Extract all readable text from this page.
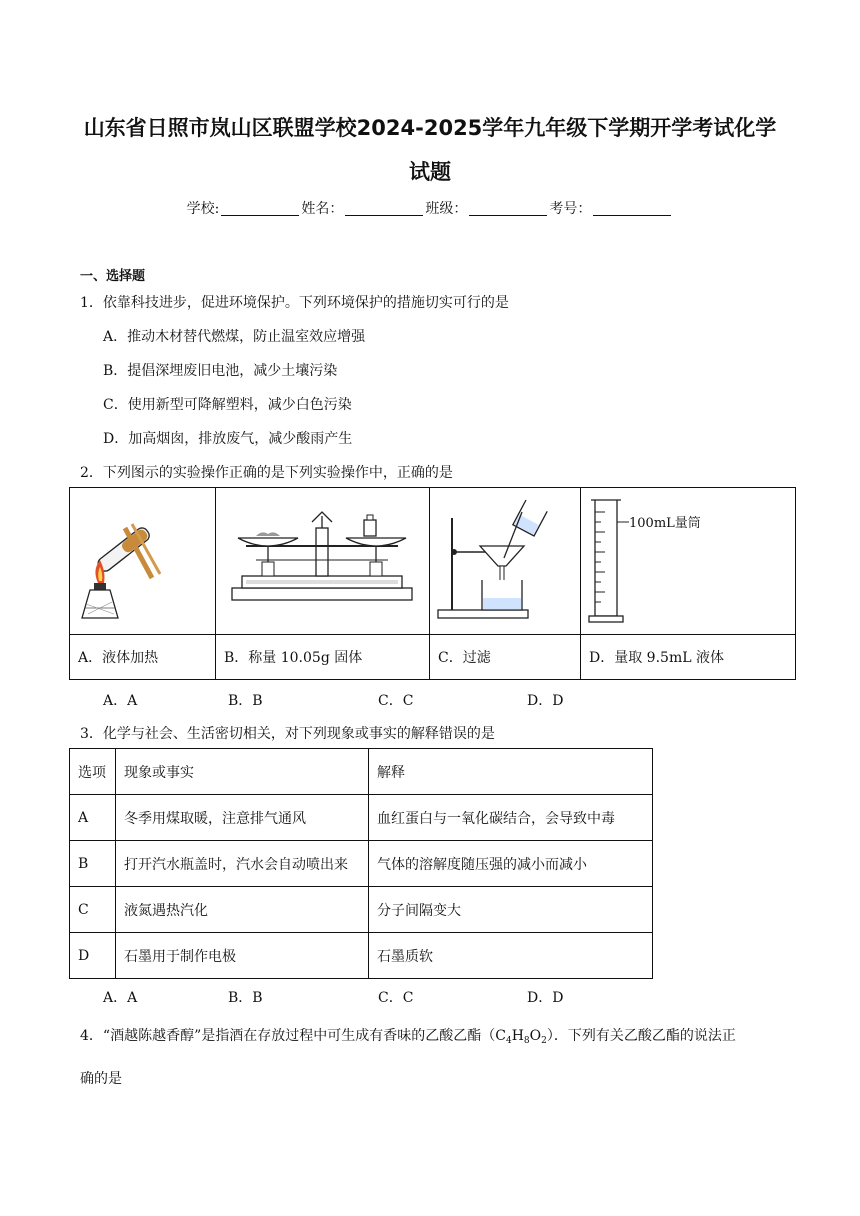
山东省日照市岚山区联盟学校2024-2025学年九年级下学期开学考试化学
试题
学校:	姓名：	班级：	考号：
一、选择题
1．依靠科技进步，促进环境保护。下列环境保护的措施切实可行的是
A．推动木材替代燃煤，防止温室效应增强
B．提倡深埋废旧电池，减少土壤污染
C．使用新型可降解塑料，减少白色污染
D．加高烟囱，排放废气，减少酸雨产生
2．下列图示的实验操作正确的是下列实验操作中，正确的是

100mL量筒

A．液体加热	B．称量 10.05g 固体	C．过滤	D．量取 9.5mL 液体
A．A	B．B	C．C	D．D
3．化学与社会、生活密切相关，对下列现象或事实的解释错误的是
选项	现象或事实	解释
A	冬季用煤取暖，注意排气通风	血红蛋白与一氧化碳结合，会导致中毒
B	打开汽水瓶盖时，汽水会自动喷出来	气体的溶解度随压强的减小而减小
C	液氮遇热汽化	分子间隔变大
D	石墨用于制作电极	石墨质软
A．A	B．B	C．C	D．D
4．“酒越陈越香醇”是指酒在存放过程中可生成有香味的乙酸乙酯$(C_4H_8O_2)$．下列有关乙酸乙酯的说法正
确的是
